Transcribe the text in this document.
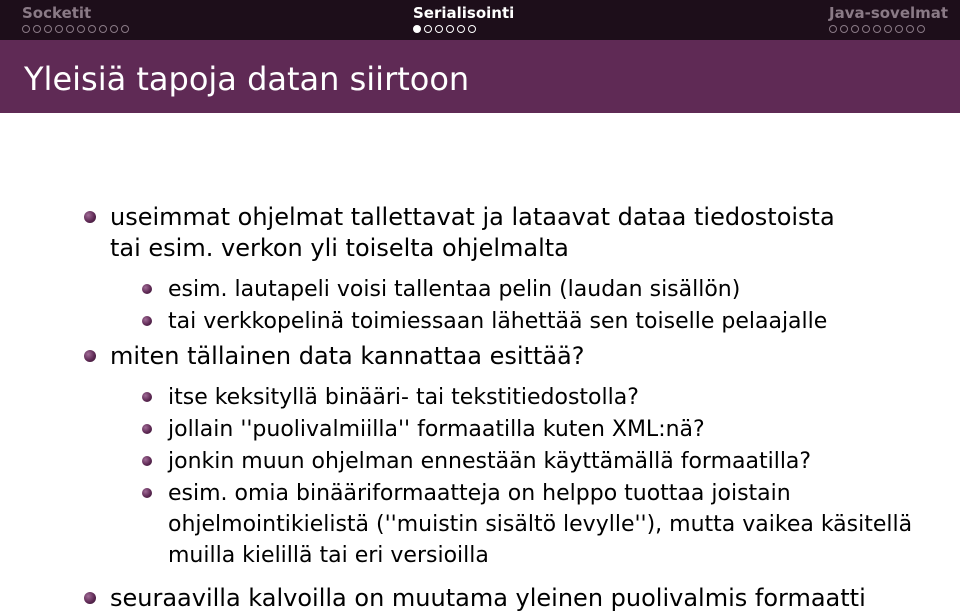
Socketit	Serialisointi	Java-sovelmat
Yleisiä tapoja datan siirtoon
useimmat ohjelmat tallettavat ja lataavat dataa tiedostoista
tai esim. verkon yli toiselta ohjelmalta
esim. lautapeli voisi tallentaa pelin (laudan sisällön)
tai verkkopelinä toimiessaan lähettää sen toiselle pelaajalle
miten tällainen data kannattaa esittää?
itse keksityllä binääri- tai tekstitiedostolla?
jollain ''puolivalmiilla'' formaatilla kuten XML:nä?
jonkin muun ohjelman ennestään käyttämällä formaatilla?
esim. omia binääriformaatteja on helppo tuottaa joistain
ohjelmointikielistä (''muistin sisältö levylle''), mutta vaikea käsitellä
muilla kielillä tai eri versioilla
seuraavilla kalvoilla on muutama yleinen puolivalmis formaatti
